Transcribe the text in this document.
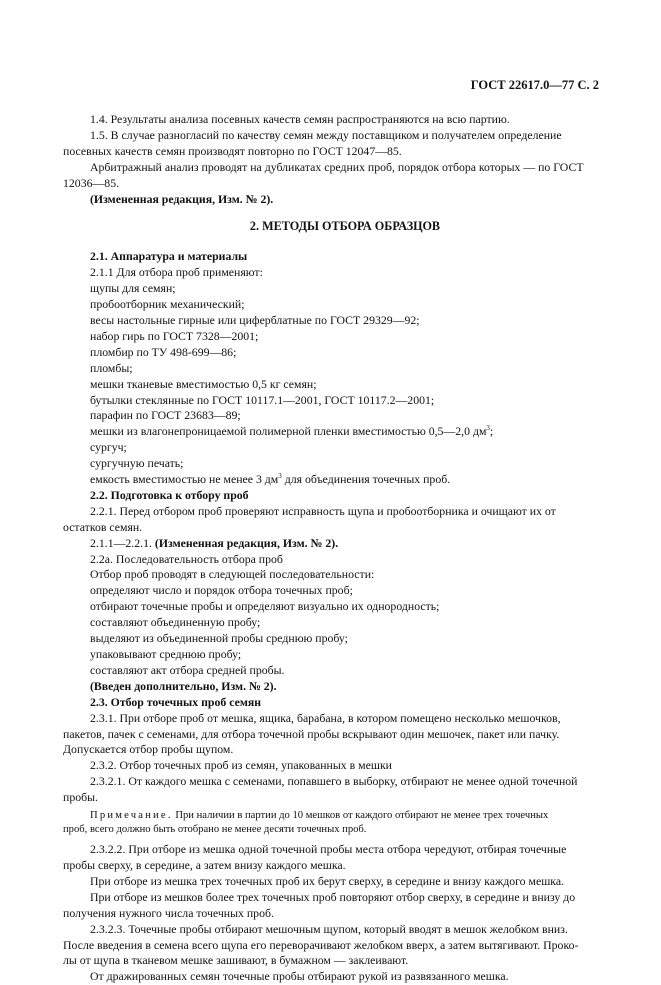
ГОСТ 22617.0—77 С. 2

1.4. Результаты анализа посевных качеств семян распространяются на всю партию.

1.5. В случае разногласий по качеству семян между поставщиком и получателем определение

посевных качеств семян производят повторно по ГОСТ 12047—85.

Арбитражный анализ проводят на дубликатах средних проб, порядок отбора которых — по ГОСТ

12036—85.

(Измененная редакция, Изм. № 2).

2. МЕТОДЫ ОТБОРА ОБРАЗЦОВ

2.1. Аппаратура и материалы

2.1.1 Для отбора проб применяют:

щупы для семян;

пробоотборник механический;

весы настольные гирные или циферблатные по ГОСТ 29329—92;

набор гирь по ГОСТ 7328—2001;

пломбир по ТУ 498-699—86;

пломбы;

мешки тканевые вместимостью 0,5 кг семян;

бутылки стеклянные по ГОСТ 10117.1—2001, ГОСТ 10117.2—2001;

парафин по ГОСТ 23683—89;

мешки из влагонепроницаемой полимерной пленки вместимостью 0,5—2,0 $дм^3$;

сургуч;

сургучную печать;

емкость вместимостью не менее 3 $дм^3$ для объединения точечных проб.

2.2. Подготовка к отбору проб

2.2.1. Перед отбором проб проверяют исправность щупа и пробоотборника и очищают их от

остатков семян.

2.1.1—2.2.1. (Измененная редакция, Изм. № 2).

2.2а. Последовательность отбора проб

Отбор проб проводят в следующей последовательности:

определяют число и порядок отбора точечных проб;

отбирают точечные пробы и определяют визуально их однородность;

составляют объединенную пробу;

выделяют из объединенной пробы среднюю пробу;

упаковывают среднюю пробу;

составляют акт отбора средней пробы.

(Введен дополнительно, Изм. № 2).

2.3. Отбор точечных проб семян

2.3.1. При отборе проб от мешка, ящика, барабана, в котором помещено несколько мешочков,

пакетов, пачек с семенами, для отбора точечной пробы вскрывают один мешочек, пакет или пачку.

Допускается отбор пробы щупом.

2.3.2. Отбор точечных проб из семян, упакованных в мешки

2.3.2.1. От каждого мешка с семенами, попавшего в выборку, отбирают не менее одной точечной

пробы.

Примечание. При наличии в партии до 10 мешков от каждого отбирают не менее трех точечных
проб, всего должно быть отобрано не менее десяти точечных проб.

2.3.2.2. При отборе из мешка одной точечной пробы места отбора чередуют, отбирая точечные

пробы сверху, в середине, а затем внизу каждого мешка.

При отборе из мешка трех точечных проб их берут сверху, в середине и внизу каждого мешка.

При отборе из мешков более трех точечных проб повторяют отбор сверху, в середине и внизу до

получения нужного числа точечных проб.

2.3.2.3. Точечные пробы отбирают мешочным щупом, который вводят в мешок желобком вниз.

После введения в семена всего щупа его переворачивают желобком вверх, а затем вытягивают. Проко-

лы от щупа в тканевом мешке зашивают, в бумажном — заклеивают.

От дражированных семян точечные пробы отбирают рукой из развязанного мешка.
